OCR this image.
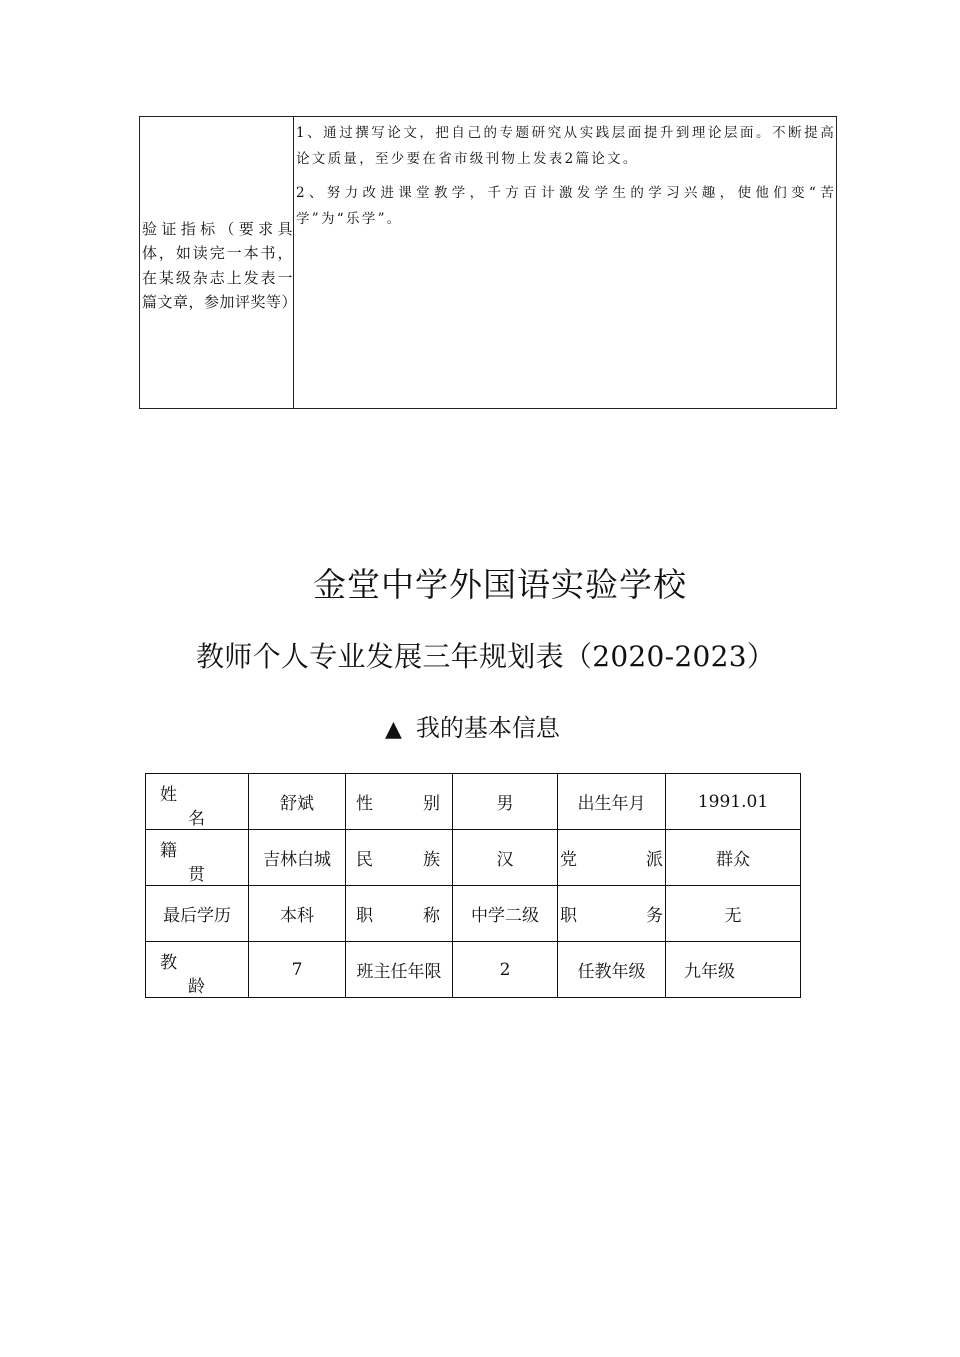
验证指标（要求具体，如读完一本书，在某级杂志上发表一篇文章，参加评奖等）

1、通过撰写论文，把自己的专题研究从实践层面提升到理论层面。不断提高论文质量，至少要在省市级刊物上发表2篇论文。

2、努力改进课堂教学，千方百计激发学生的学习兴趣，使他们变“苦学”为“乐学”。

金堂中学外国语实验学校
教师个人专业发展三年规划表（2020-2023）
▲ 我的基本信息
姓
名	舒斌	性 别	男	出生年月	1991.01

籍
贯	吉林白城	民 族	汉	党 派	群众
最后学历	本科	职 称	中学二级	职 务	无

教
龄	7	班主任年限	2	任教年级	九年级
